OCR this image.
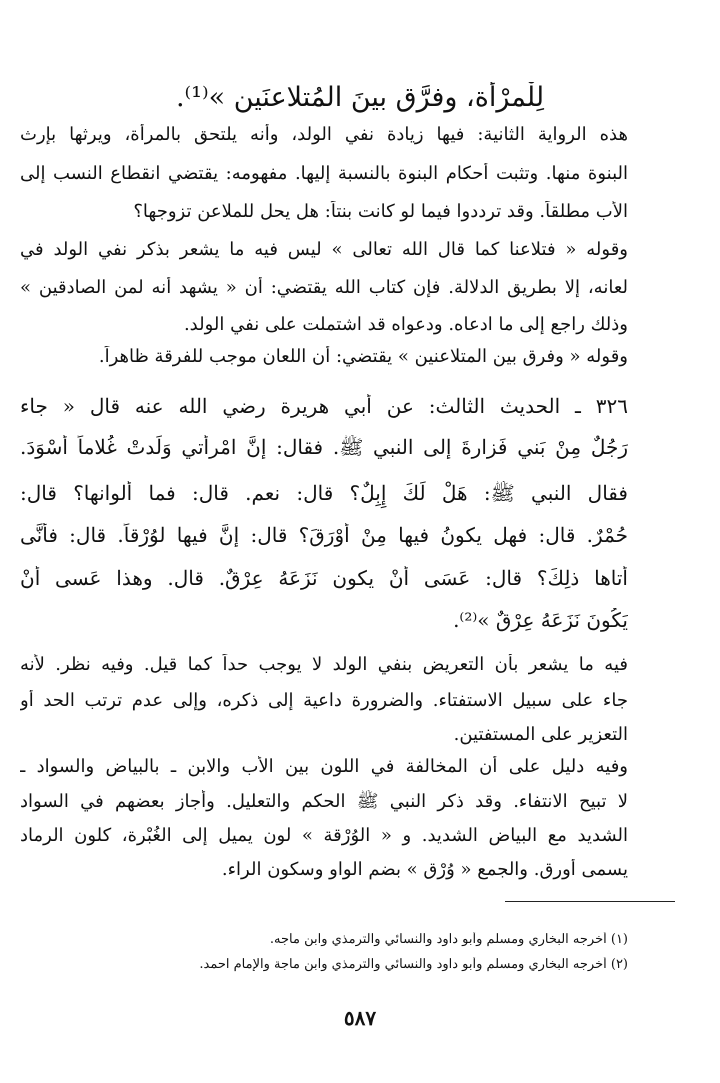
لِلْمرْأة، وفرَّق بينَ المُتلاعنَين »⁽¹⁾.
هذه الرواية الثانية: فيها زيادة نفي الولد، وأنه يلتحق بالمرأة، ويرثها بإرث
البنوة منها. وتثبت أحكام البنوة بالنسبة إليها. مفهومه: يقتضي انقطاع النسب إلى
الأب مطلقاً. وقد ترددوا فيما لو كانت بنتاً: هل يحل للملاعن تزوجها؟
وقوله « فتلاعنا كما قال الله تعالى » ليس فيه ما يشعر بذكر نفي الولد في
لعانه، إلا بطريق الدلالة. فإن كتاب الله يقتضي: أن « يشهد أنه لمن الصادقين »
وذلك راجع إلى ما ادعاه. ودعواه قد اشتملت على نفي الولد.
وقوله « وفرق بين المتلاعنين » يقتضي: أن اللعان موجب للفرقة ظاهراً.
٣٢٦ ـ الحديث الثالث: عن أبي هريرة رضي الله عنه قال « جاء
رَجُلٌ مِنْ بَني فَزارةَ إلى النبي ﷺ. فقال: إنَّ امْرأتي وَلَدتْ غُلاماً أسْوَدَ.
فقال النبي ﷺ: هَلْ لَكَ إِبِلٌ؟ قال: نعم. قال: فما ألوانها؟ قال:
حُمْرٌ. قال: فهل يكونُ فيها مِنْ أوْرَقَ؟ قال: إنَّ فيها لوُرْقاً. قال: فأنَّى
أتاها ذلِكَ؟ قال: عَسَى أنْ يكون نَزَعَهُ عِرْقٌ. قال. وهذا عَسى أنْ
يَكُونَ نَزَعَهُ عِرْقٌ »⁽²⁾.
فيه ما يشعر بأن التعريض بنفي الولد لا يوجب حداً كما قيل. وفيه نظر. لأنه
جاء على سبيل الاستفتاء. والضرورة داعية إلى ذكره، وإلى عدم ترتب الحد أو
التعزير على المستفتين.
وفيه دليل على أن المخالفة في اللون بين الأب والابن ـ بالبياض والسواد ـ
لا تبيح الانتفاء. وقد ذكر النبي ﷺ الحكم والتعليل. وأجاز بعضهم في السواد
الشديد مع البياض الشديد. و « الوُرْقة » لون يميل إلى الغُبْرة، كلون الرماد
يسمى أورق. والجمع « وُرْق » بضم الواو وسكون الراء.
(١) أخرجه البخاري ومسلم وأبو داود والنسائي والترمذي وابن ماجه.
(٢) أخرجه البخاري ومسلم وأبو داود والنسائي والترمذي وابن ماجة والإمام احمد.
٥٨٧
